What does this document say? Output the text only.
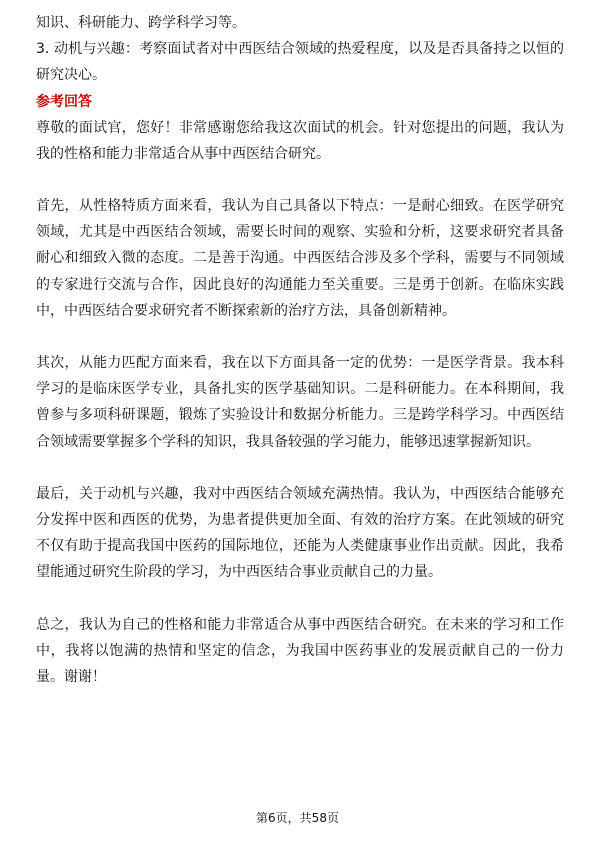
知识、科研能力、跨学科学习等。

3. 动机与兴趣：考察面试者对中西医结合领域的热爱程度，以及是否具备持之以恒的研究决心。

参考回答

尊敬的面试官，您好！非常感谢您给我这次面试的机会。针对您提出的问题，我认为我的性格和能力非常适合从事中西医结合研究。

首先，从性格特质方面来看，我认为自己具备以下特点：一是耐心细致。在医学研究领域，尤其是中西医结合领域，需要长时间的观察、实验和分析，这要求研究者具备耐心和细致入微的态度。二是善于沟通。中西医结合涉及多个学科，需要与不同领域的专家进行交流与合作，因此良好的沟通能力至关重要。三是勇于创新。在临床实践中，中西医结合要求研究者不断探索新的治疗方法，具备创新精神。

其次，从能力匹配方面来看，我在以下方面具备一定的优势：一是医学背景。我本科学习的是临床医学专业，具备扎实的医学基础知识。二是科研能力。在本科期间，我曾参与多项科研课题，锻炼了实验设计和数据分析能力。三是跨学科学习。中西医结合领域需要掌握多个学科的知识，我具备较强的学习能力，能够迅速掌握新知识。

最后，关于动机与兴趣，我对中西医结合领域充满热情。我认为，中西医结合能够充分发挥中医和西医的优势，为患者提供更加全面、有效的治疗方案。在此领域的研究不仅有助于提高我国中医药的国际地位，还能为人类健康事业作出贡献。因此，我希望能通过研究生阶段的学习，为中西医结合事业贡献自己的力量。

总之，我认为自己的性格和能力非常适合从事中西医结合研究。在未来的学习和工作中，我将以饱满的热情和坚定的信念，为我国中医药事业的发展贡献自己的一份力量。谢谢！

第6页，共58页
